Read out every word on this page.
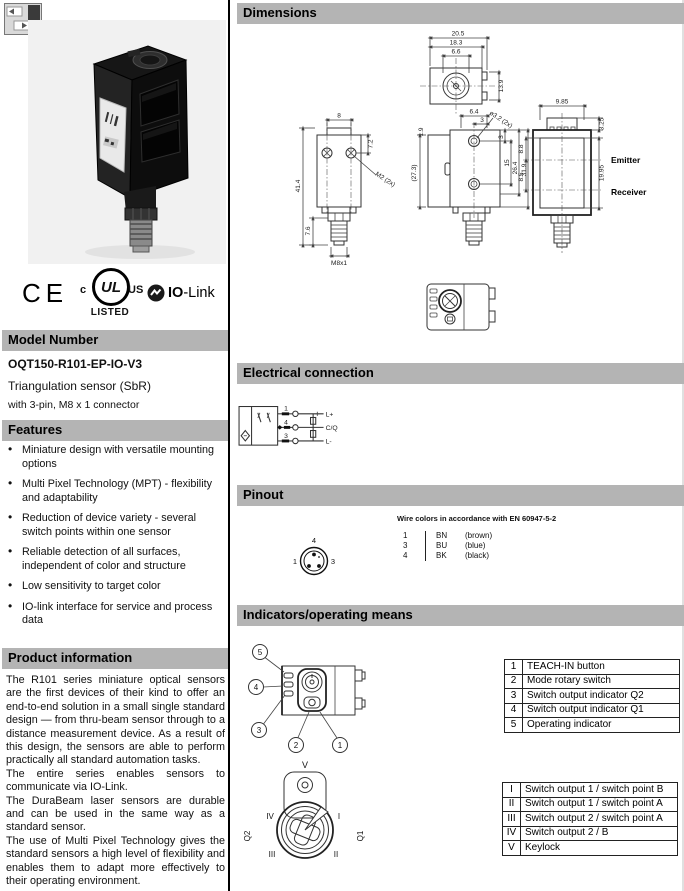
CE c UL US
LISTED
IO-Link
Model Number
OQT150-R101-EP-IO-V3
Triangulation sensor (SbR)
with 3-pin, M8 x 1 connector
Features
• Miniature design with versatile mounting options
• Multi Pixel Technology (MPT) - flexibility and adaptability
• Reduction of device variety - several switch points within one sensor
• Reliable detection of all surfaces, independent of color and structure
• Low sensitivity to target color
• IO-link interface for service and process data
Product information

The R101 series miniature optical sensors are the first devices of their kind to offer an end-to-end solution in a small single standard design — from thru-beam sensor through to a distance measurement device. As a result of this design, the sensors are able to perform practically all standard automation tasks.

The entire series enables sensors to communicate via IO-Link.

The DuraBeam laser sensors are durable and can be used in the same way as a standard sensor.

The use of Multi Pixel Technology gives the standard sensors a high level of flexibility and enables them to adapt more effectively to their operating environment.

Dimensions
20.5
18.3
6.6
13.9
8
7.2
M2 (2x)
41.4
7.6
M8x1
6.4
3 ø3.2 (2x)
1.9
(27.3)
3
15 26.4 31.9
9.85
3.25
19.95
8.8
8.5
Emitter
Receiver
Electrical connection
1
4
3
L+
C/Q
L-
Pinout
4
1	3
Wire colors in accordance with EN 60947-5-2
1	BN	(brown)
3	BU	(blue)
4	BK	(black)
Indicators/operating means
5
4
3
2	1
1	TEACH-IN button
2	Mode rotary switch
3	Switch output indicator Q2
4	Switch output indicator Q1
5	Operating indicator
V
IV	I
III	II
Q2	Q1
I	Switch output 1 / switch point B
II	Switch output 1 / switch point A
III	Switch output 2 / switch point A
IV	Switch output 2 / B
V	Keylock
